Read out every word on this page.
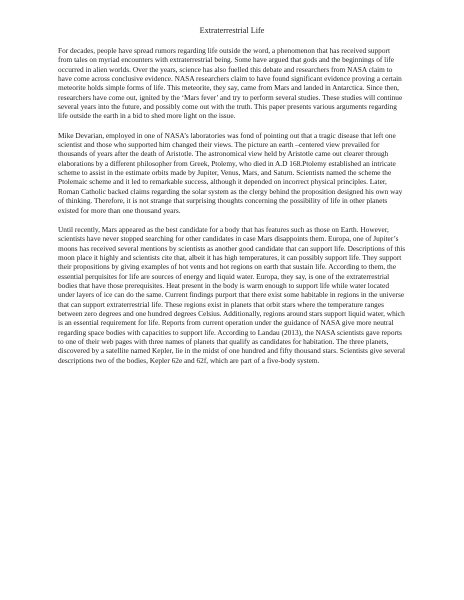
Extraterrestrial Life

For decades, people have spread rumors regarding life outside the word, a phenomenon that has received support from tales on myriad encounters with extraterrestrial being. Some have argued that gods and the beginnings of life occurred in alien worlds. Over the years, science has also fuelled this debate and researchers from NASA claim to have come across conclusive evidence. NASA researchers claim to have found significant evidence proving a certain meteorite holds simple forms of life. This meteorite, they say, came from Mars and landed in Antarctica. Since then, researchers have come out, ignited by the ‘Mars fever’ and try to perform several studies. These studies will continue several years into the future, and possibly come out with the truth. This paper presents various arguments regarding life outside the earth in a bid to shed more light on the issue.

Mike Devarian, employed in one of NASA’s laboratories was fond of pointing out that a tragic disease that left one scientist and those who supported him changed their views. The picture an earth –centered view prevailed for thousands of years after the death of Aristotle. The astronomical view held by Aristotle came out clearer through elaborations by a different philosopher from Greek, Ptolemy, who died in A.D 168.Ptolemy established an intricate scheme to assist in the estimate orbits made by Jupiter, Venus, Mars, and Saturn. Scientists named the scheme the Ptolemaic scheme and it led to remarkable success, although it depended on incorrect physical principles. Later, Roman Catholic backed claims regarding the solar system as the clergy behind the proposition designed his own way of thinking. Therefore, it is not strange that surprising thoughts concerning the possibility of life in other planets existed for more than one thousand years.

Until recently, Mars appeared as the best candidate for a body that has features such as those on Earth. However, scientists have never stopped searching for other candidates in case Mars disappoints them. Europa, one of Jupiter’s moons has received several mentions by scientists as another good candidate that can support life. Descriptions of this moon place it highly and scientists cite that, albeit it has high temperatures, it can possibly support life. They support their propositions by giving examples of hot vents and hot regions on earth that sustain life. According to them, the essential perquisites for life are sources of energy and liquid water. Europa, they say, is one of the extraterrestrial bodies that have those prerequisites. Heat present in the body is warm enough to support life while water located under layers of ice can do the same. Current findings purport that there exist some habitable in regions in the universe that can support extraterrestrial life. These regions exist in planets that orbit stars where the temperature ranges between zero degrees and one hundred degrees Celsius. Additionally, regions around stars support liquid water, which is an essential requirement for life. Reports from current operation under the guidance of NASA give more neutral regarding space bodies with capacities to support life. According to Landau (2013), the NASA scientists gave reports to one of their web pages with three names of planets that qualify as candidates for habitation. The three planets, discovered by a satellite named Kepler, lie in the midst of one hundred and fifty thousand stars. Scientists give several descriptions two of the bodies, Kepler 62e and 62f, which are part of a five-body system.
